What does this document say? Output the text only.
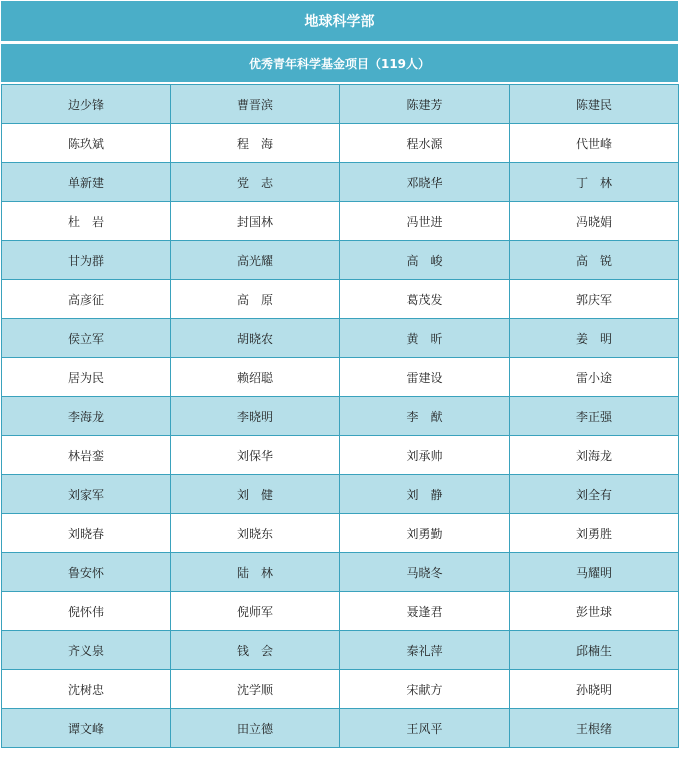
地球科学部
优秀青年科学基金项目（119人）
边少锋	曹晋滨	陈建芳	陈建民
陈玖斌	程　海	程水源	代世峰
单新建	党　志	邓晓华	丁　林
杜　岩	封国林	冯世进	冯晓娟
甘为群	高光耀	高　峻	高　锐
高彦征	高　原	葛茂发	郭庆军
侯立军	胡晓农	黄　昕	姜　明
居为民	赖绍聪	雷建设	雷小途
李海龙	李晓明	李　猷	李正强
林岩銮	刘保华	刘承帅	刘海龙
刘家军	刘　健	刘　静	刘全有
刘晓春	刘晓东	刘勇勤	刘勇胜
鲁安怀	陆　林	马晓冬	马耀明
倪怀伟	倪师军	聂逢君	彭世球
齐义泉	钱　会	秦礼萍	邱楠生
沈树忠	沈学顺	宋献方	孙晓明
谭文峰	田立德	王风平	王根绪
